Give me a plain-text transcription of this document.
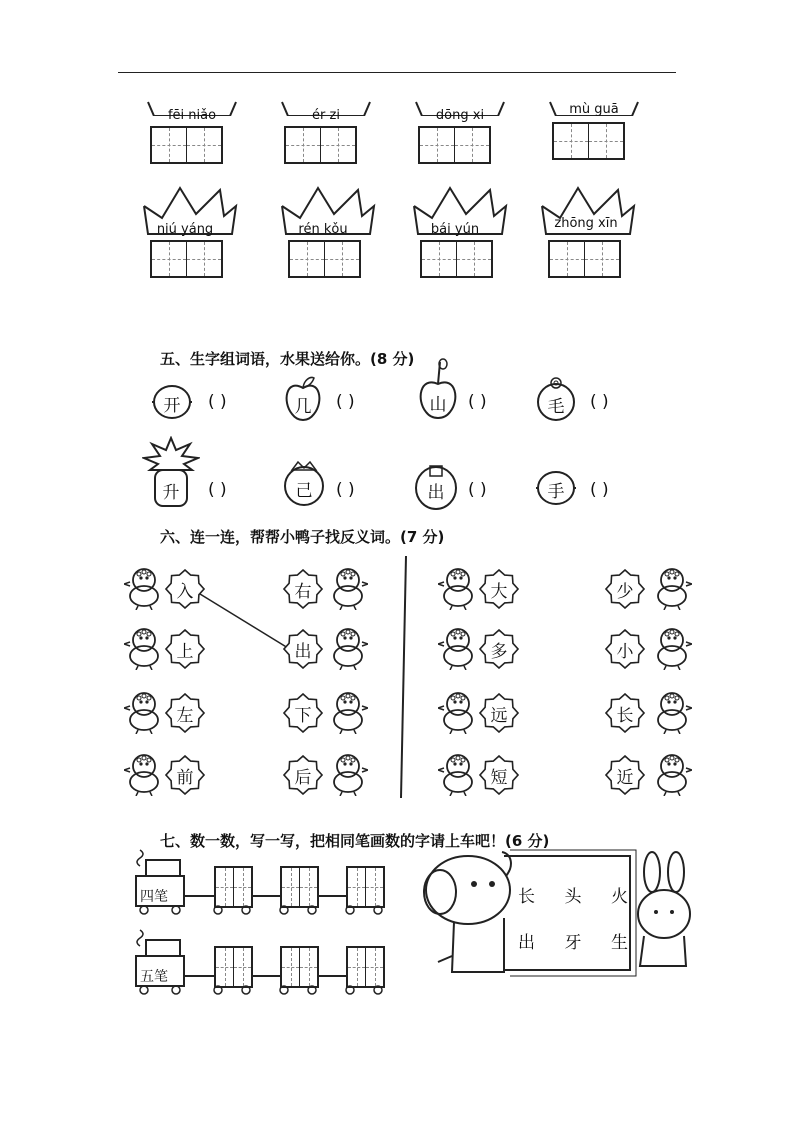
fēi niǎo	ér zi	dōng xi	mù guā
niú yáng	rén kǒu	bái yún	zhōng xīn
五、生字组词语，水果送给你。(8 分)
开	( )	几	( )	山	( )	毛	( )
升	( )	己	( )	出	( )	手	( )
六、连一连，帮帮小鸭子找反义词。(7 分)
入
上
左
前
右
出
下
后
大
多
远
短
少
小
长
近
七、数一数，写一写，把相同笔画数的字请上车吧！(6 分)
四笔
五笔
长 头 火
出 牙 生
